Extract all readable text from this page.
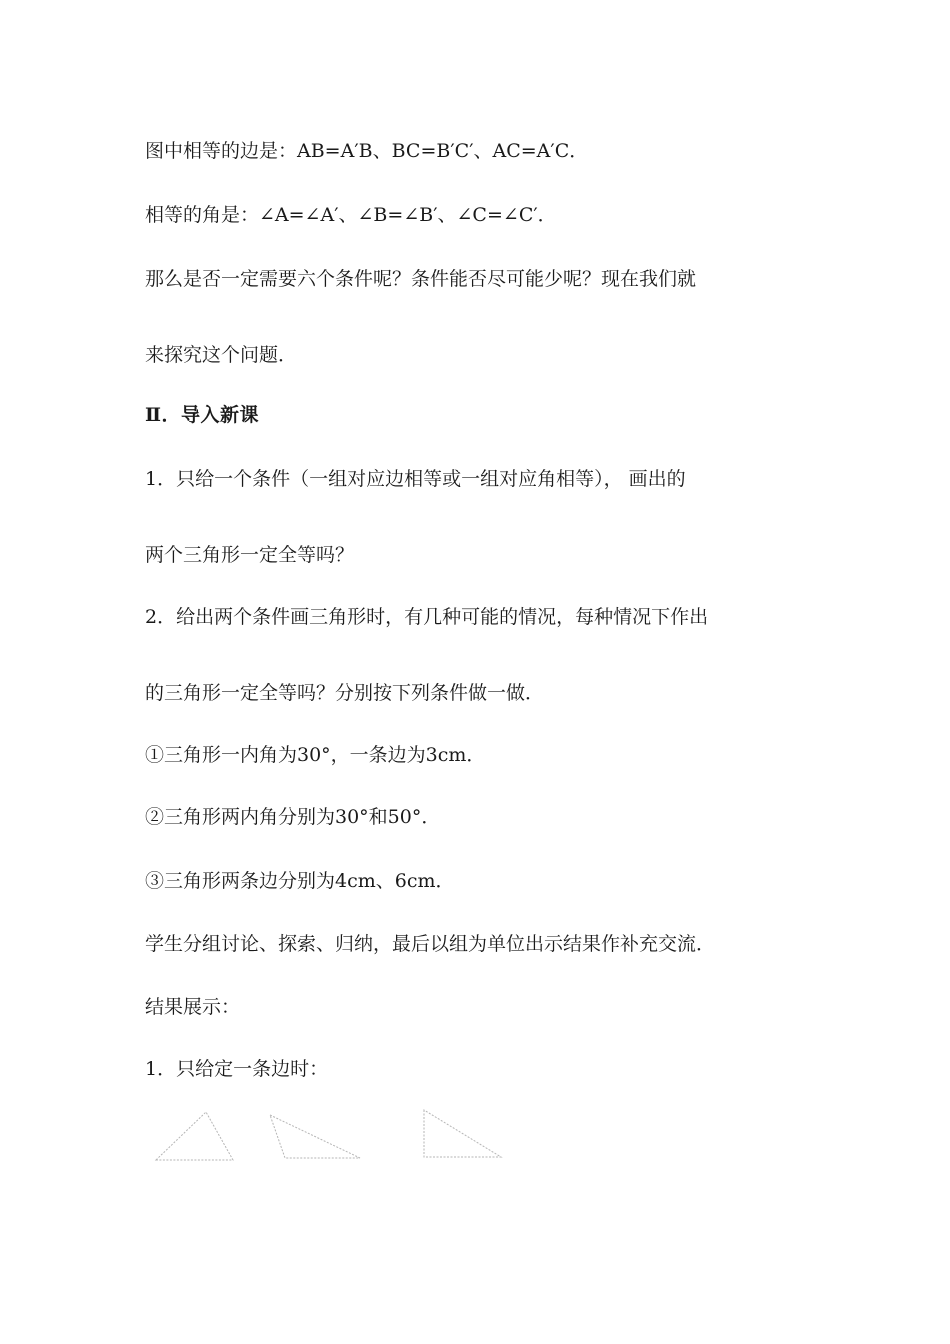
图中相等的边是：AB=A′B、BC=B′C′、AC=A′C．
相等的角是：∠A=∠A′、∠B=∠B′、∠C=∠C′．
那么是否一定需要六个条件呢？条件能否尽可能少呢？现在我们就
来探究这个问题．
Ⅱ．导入新课
1．只给一个条件（一组对应边相等或一组对应角相等）， 画出的
两个三角形一定全等吗？
2．给出两个条件画三角形时，有几种可能的情况，每种情况下作出
的三角形一定全等吗？分别按下列条件做一做．
①三角形一内角为30°，一条边为3cm．
②三角形两内角分别为30°和50°．
③三角形两条边分别为4cm、6cm．
学生分组讨论、探索、归纳，最后以组为单位出示结果作补充交流．
结果展示：
1．只给定一条边时：
